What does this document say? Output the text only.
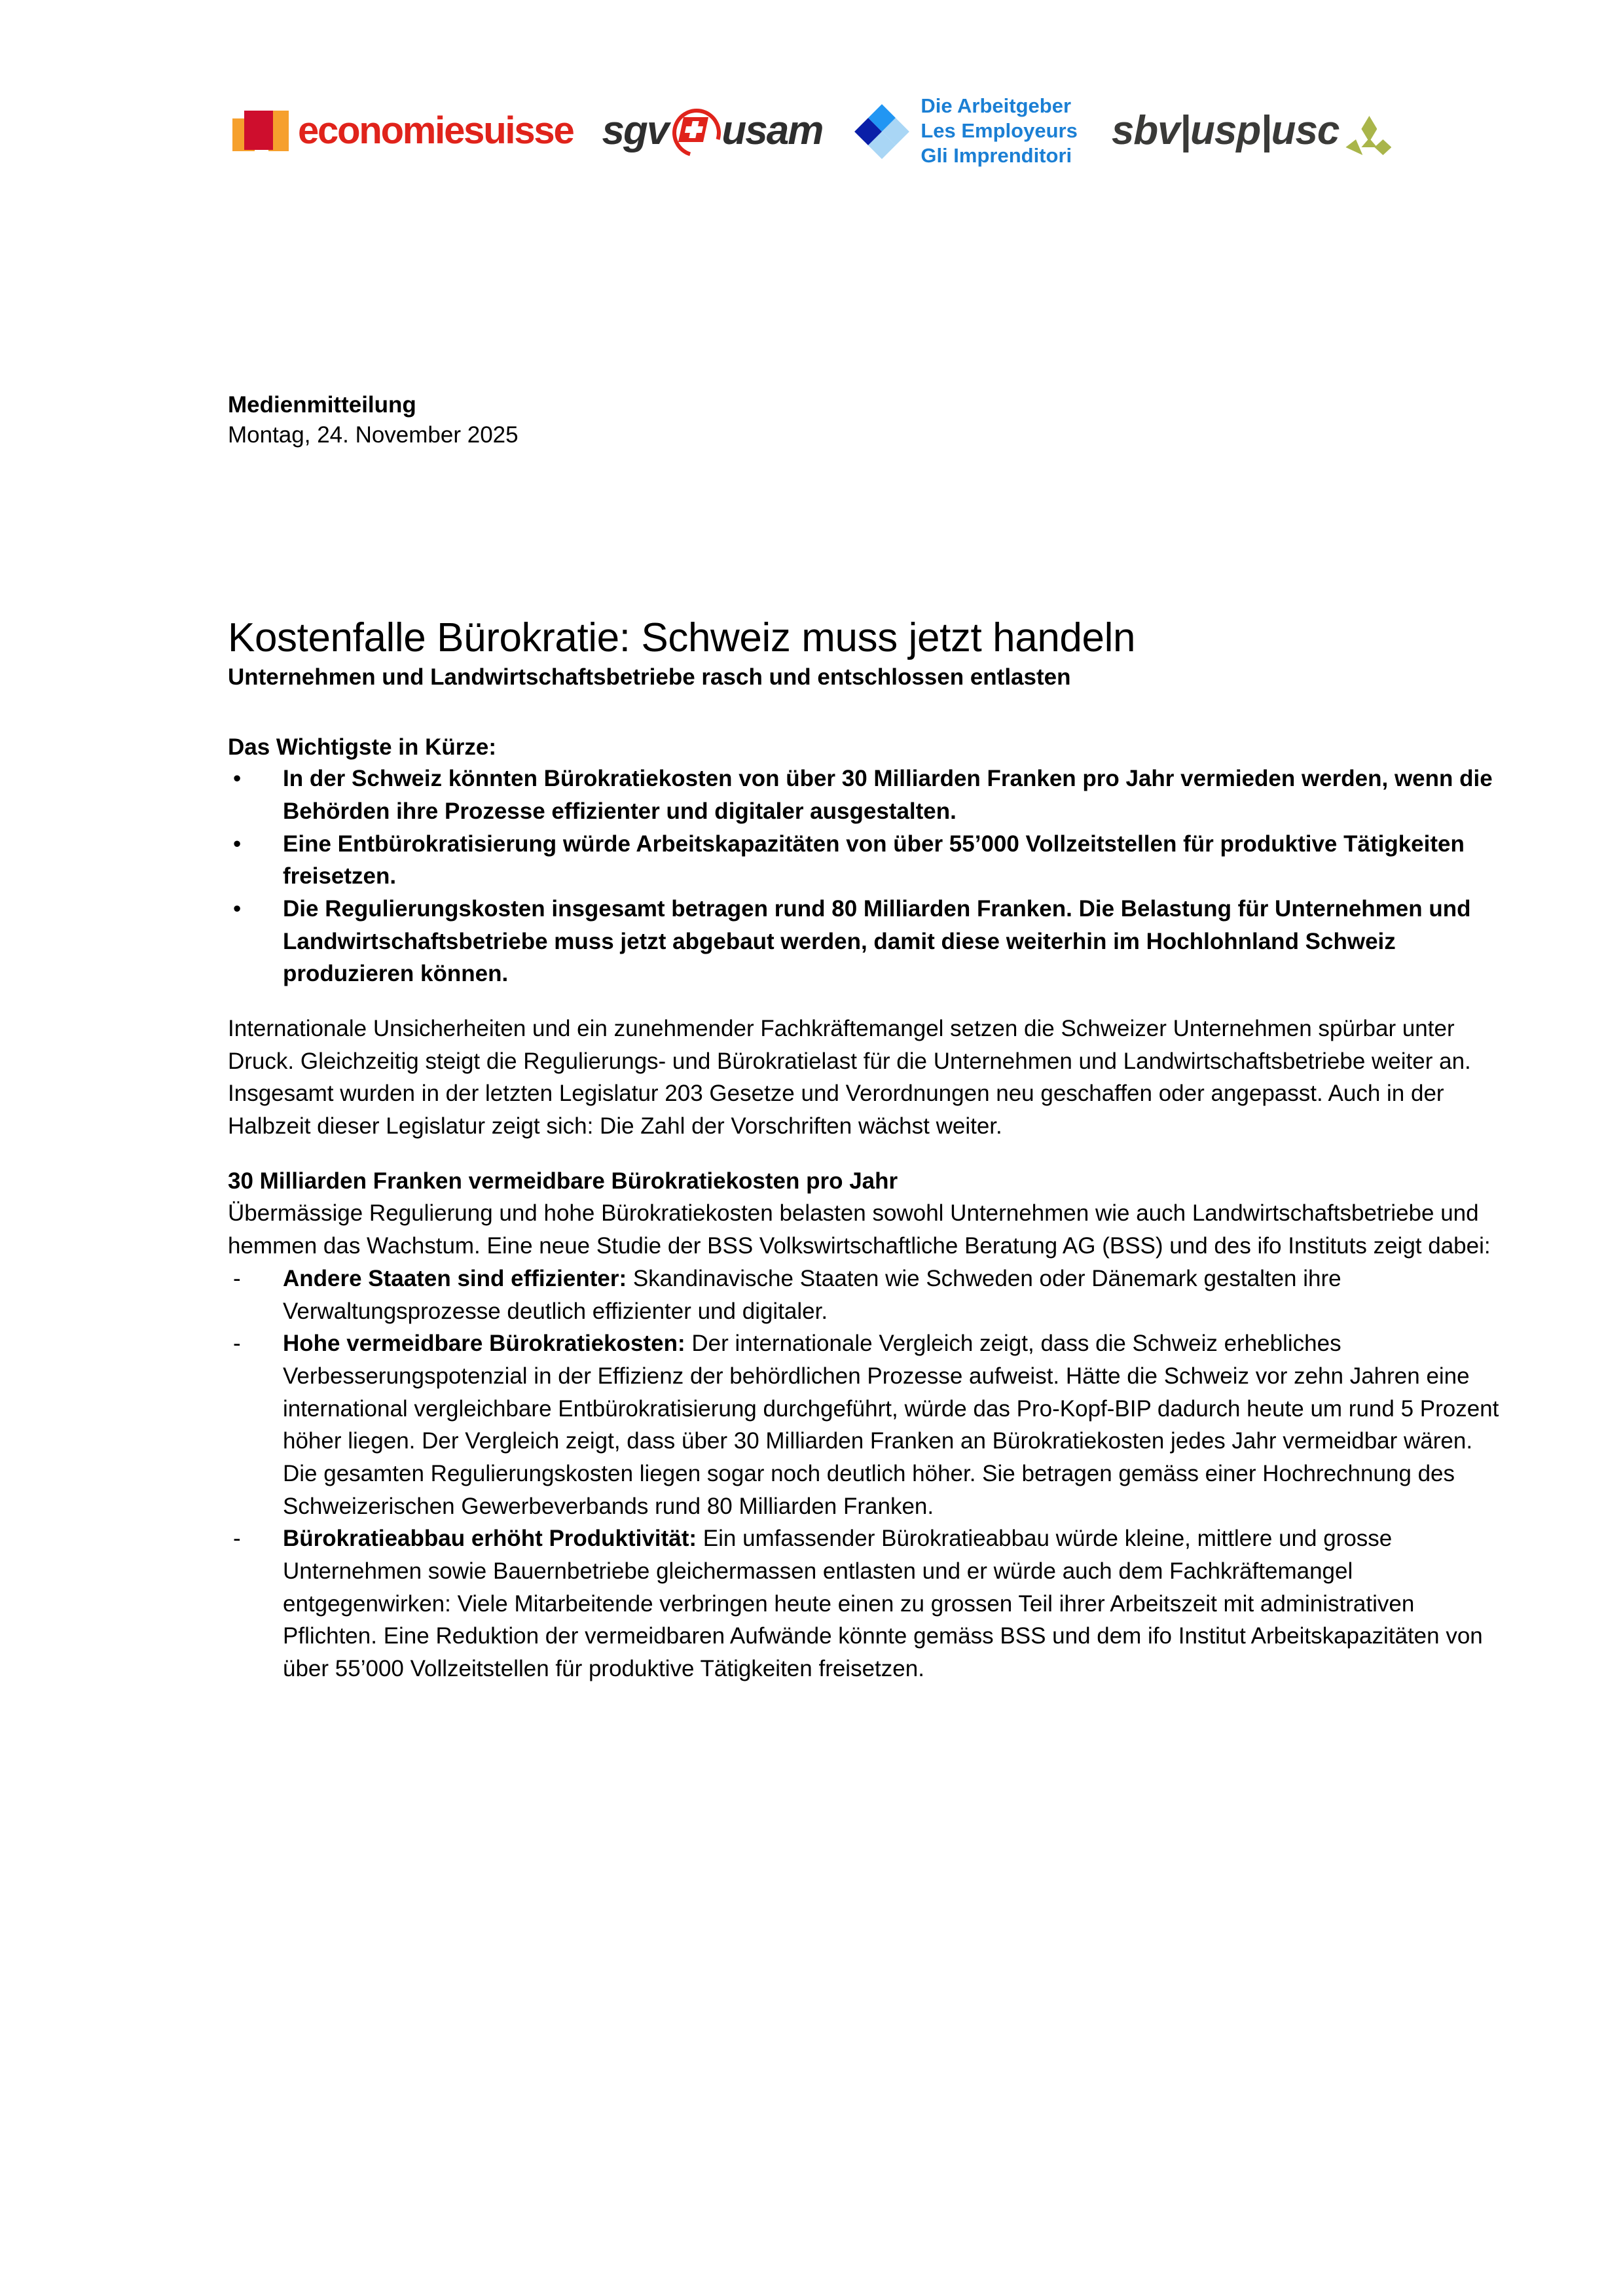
economiesuisse sgv usam
Die Arbeitgeber
Les Employeurs
Gli Imprenditori
sbv|usp|usc
Medienmitteilung
Montag, 24. November 2025
Kostenfalle Bürokratie: Schweiz muss jetzt handeln
Unternehmen und Landwirtschaftsbetriebe rasch und entschlossen entlasten
Das Wichtigste in Kürze:
• In der Schweiz könnten Bürokratiekosten von über 30 Milliarden Franken pro Jahr vermieden werden, wenn die Behörden ihre Prozesse effizienter und digitaler ausgestalten.
• Eine Entbürokratisierung würde Arbeitskapazitäten von über 55’000 Vollzeitstellen für produktive Tätigkeiten freisetzen.
• Die Regulierungskosten insgesamt betragen rund 80 Milliarden Franken. Die Belastung für Unternehmen und Landwirtschaftsbetriebe muss jetzt abgebaut werden, damit diese weiterhin im Hochlohnland Schweiz produzieren können.

Internationale Unsicherheiten und ein zunehmender Fachkräftemangel setzen die Schweizer Unternehmen spürbar unter Druck. Gleichzeitig steigt die Regulierungs- und Bürokratielast für die Unternehmen und Landwirtschaftsbetriebe weiter an. Insgesamt wurden in der letzten Legislatur 203 Gesetze und Verordnungen neu geschaffen oder angepasst. Auch in der Halbzeit dieser Legislatur zeigt sich: Die Zahl der Vorschriften wächst weiter.

30 Milliarden Franken vermeidbare Bürokratiekosten pro Jahr

Übermässige Regulierung und hohe Bürokratiekosten belasten sowohl Unternehmen wie auch Landwirtschaftsbetriebe und hemmen das Wachstum. Eine neue Studie der BSS Volkswirtschaftliche Beratung AG (BSS) und des ifo Instituts zeigt dabei:

- Andere Staaten sind effizienter: Skandinavische Staaten wie Schweden oder Dänemark gestalten ihre Verwaltungsprozesse deutlich effizienter und digitaler.
- Hohe vermeidbare Bürokratiekosten: Der internationale Vergleich zeigt, dass die Schweiz erhebliches Verbesserungspotenzial in der Effizienz der behördlichen Prozesse aufweist. Hätte die Schweiz vor zehn Jahren eine international vergleichbare Entbürokratisierung durchgeführt, würde das Pro-Kopf-BIP dadurch heute um rund 5 Prozent höher liegen. Der Vergleich zeigt, dass über 30 Milliarden Franken an Bürokratiekosten jedes Jahr vermeidbar wären. Die gesamten Regulierungskosten liegen sogar noch deutlich höher. Sie betragen gemäss einer Hochrechnung des Schweizerischen Gewerbeverbands rund 80 Milliarden Franken.
- Bürokratieabbau erhöht Produktivität: Ein umfassender Bürokratieabbau würde kleine, mittlere und grosse Unternehmen sowie Bauernbetriebe gleichermassen entlasten und er würde auch dem Fachkräftemangel entgegenwirken: Viele Mitarbeitende verbringen heute einen zu grossen Teil ihrer Arbeitszeit mit administrativen Pflichten. Eine Reduktion der vermeidbaren Aufwände könnte gemäss BSS und dem ifo Institut Arbeitskapazitäten von über 55’000 Vollzeitstellen für produktive Tätigkeiten freisetzen.
